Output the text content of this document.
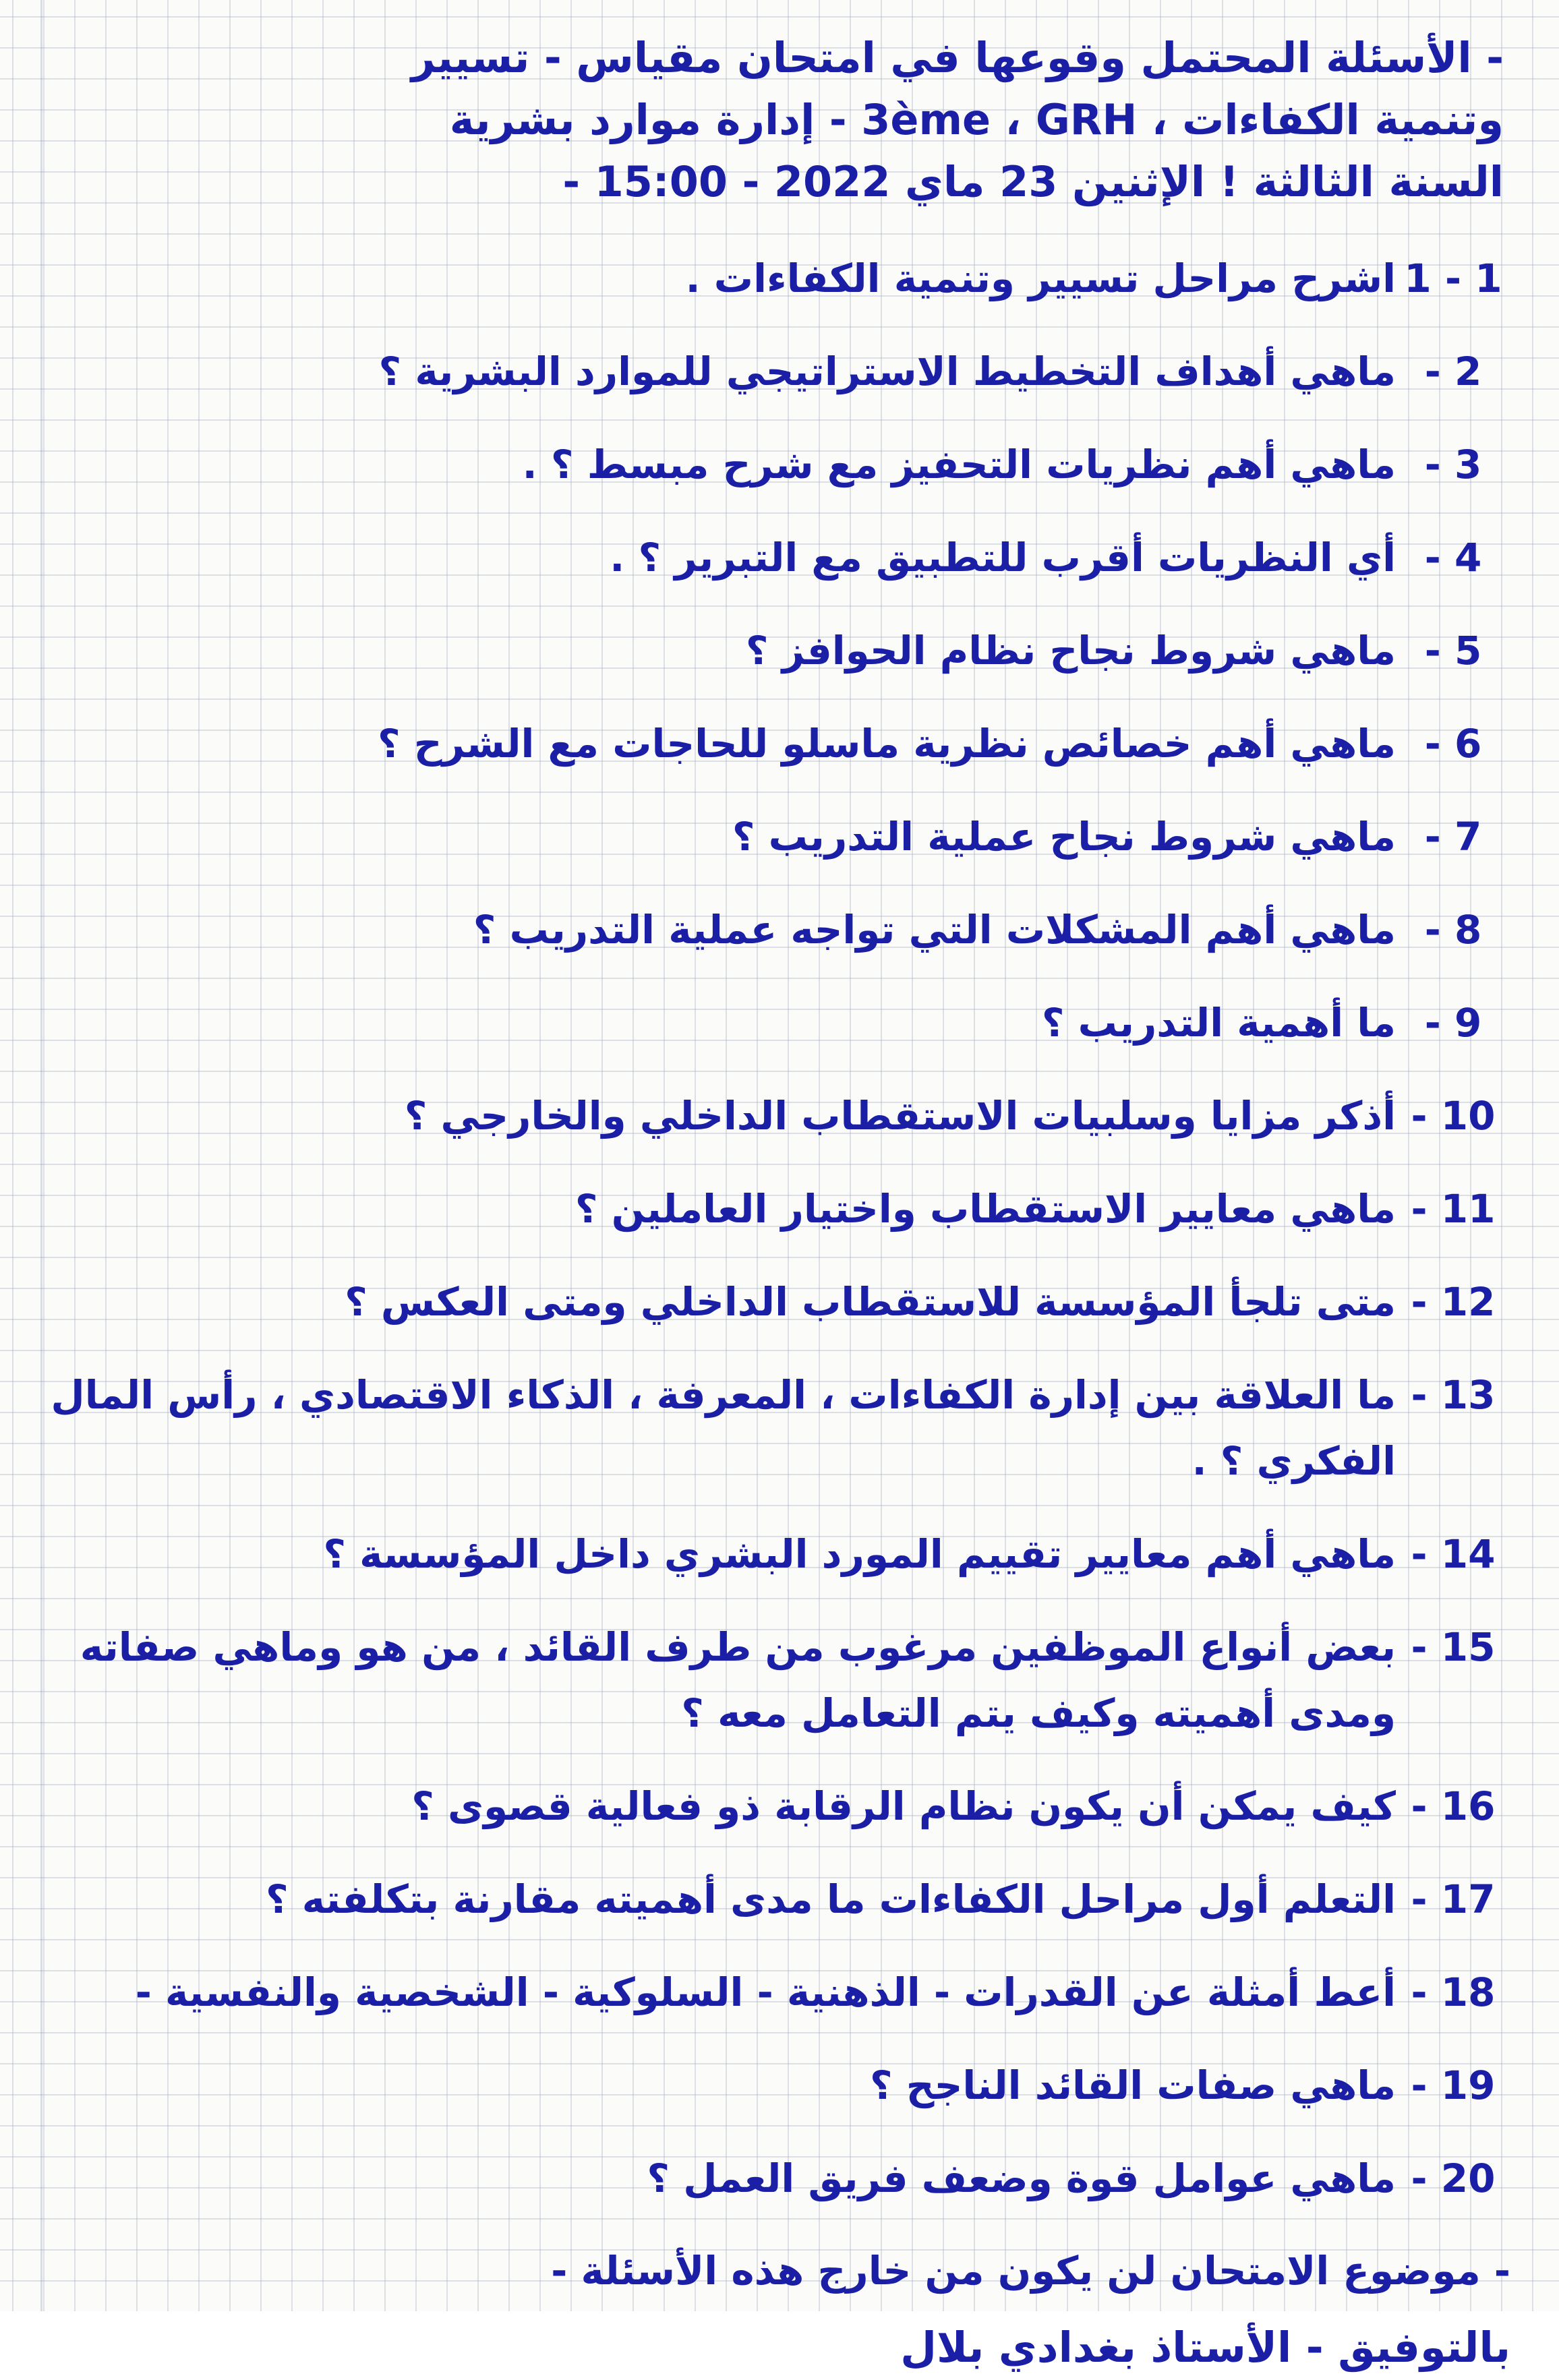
- الأسئلة المحتمل وقوعها في امتحان مقياس - تسيير
وتنمية الكفاءات ، 3ème ، GRH - إدارة موارد بشرية
السنة الثالثة ! الإثنين 23 ماي 2022 - 15:00 -
1 - 1
اشرح مراحل تسيير وتنمية الكفاءات .
2 -
ماهي أهداف التخطيط الاستراتيجي للموارد البشرية ؟
3 -
ماهي أهم نظريات التحفيز مع شرح مبسط ؟ .
4 -
أي النظريات أقرب للتطبيق مع التبرير ؟ .
5 -
ماهي شروط نجاح نظام الحوافز ؟
6 -
ماهي أهم خصائص نظرية ماسلو للحاجات مع الشرح ؟
7 -
ماهي شروط نجاح عملية التدريب ؟
8 -
ماهي أهم المشكلات التي تواجه عملية التدريب ؟
9 -
ما أهمية التدريب ؟
10 -
أذكر مزايا وسلبيات الاستقطاب الداخلي والخارجي ؟
11 -
ماهي معايير الاستقطاب واختيار العاملين ؟
12 -
متى تلجأ المؤسسة للاستقطاب الداخلي ومتى العكس ؟
13 -
ما العلاقة بين إدارة الكفاءات ، المعرفة ، الذكاء الاقتصادي ، رأس المال الفكري ؟ .
14 -
ماهي أهم معايير تقييم المورد البشري داخل المؤسسة ؟
15 -
بعض أنواع الموظفين مرغوب من طرف القائد ، من هو وماهي صفاته ومدى أهميته وكيف يتم التعامل معه ؟
16 -
كيف يمكن أن يكون نظام الرقابة ذو فعالية قصوى ؟
17 -
التعلم أول مراحل الكفاءات ما مدى أهميته مقارنة بتكلفته ؟
18 -
أعط أمثلة عن القدرات - الذهنية - السلوكية - الشخصية والنفسية -
19 -
ماهي صفات القائد الناجح ؟
20 -
ماهي عوامل قوة وضعف فريق العمل ؟
- موضوع الامتحان لن يكون من خارج هذه الأسئلة -
بالتوفيق - الأستاذ بغدادي بلال
